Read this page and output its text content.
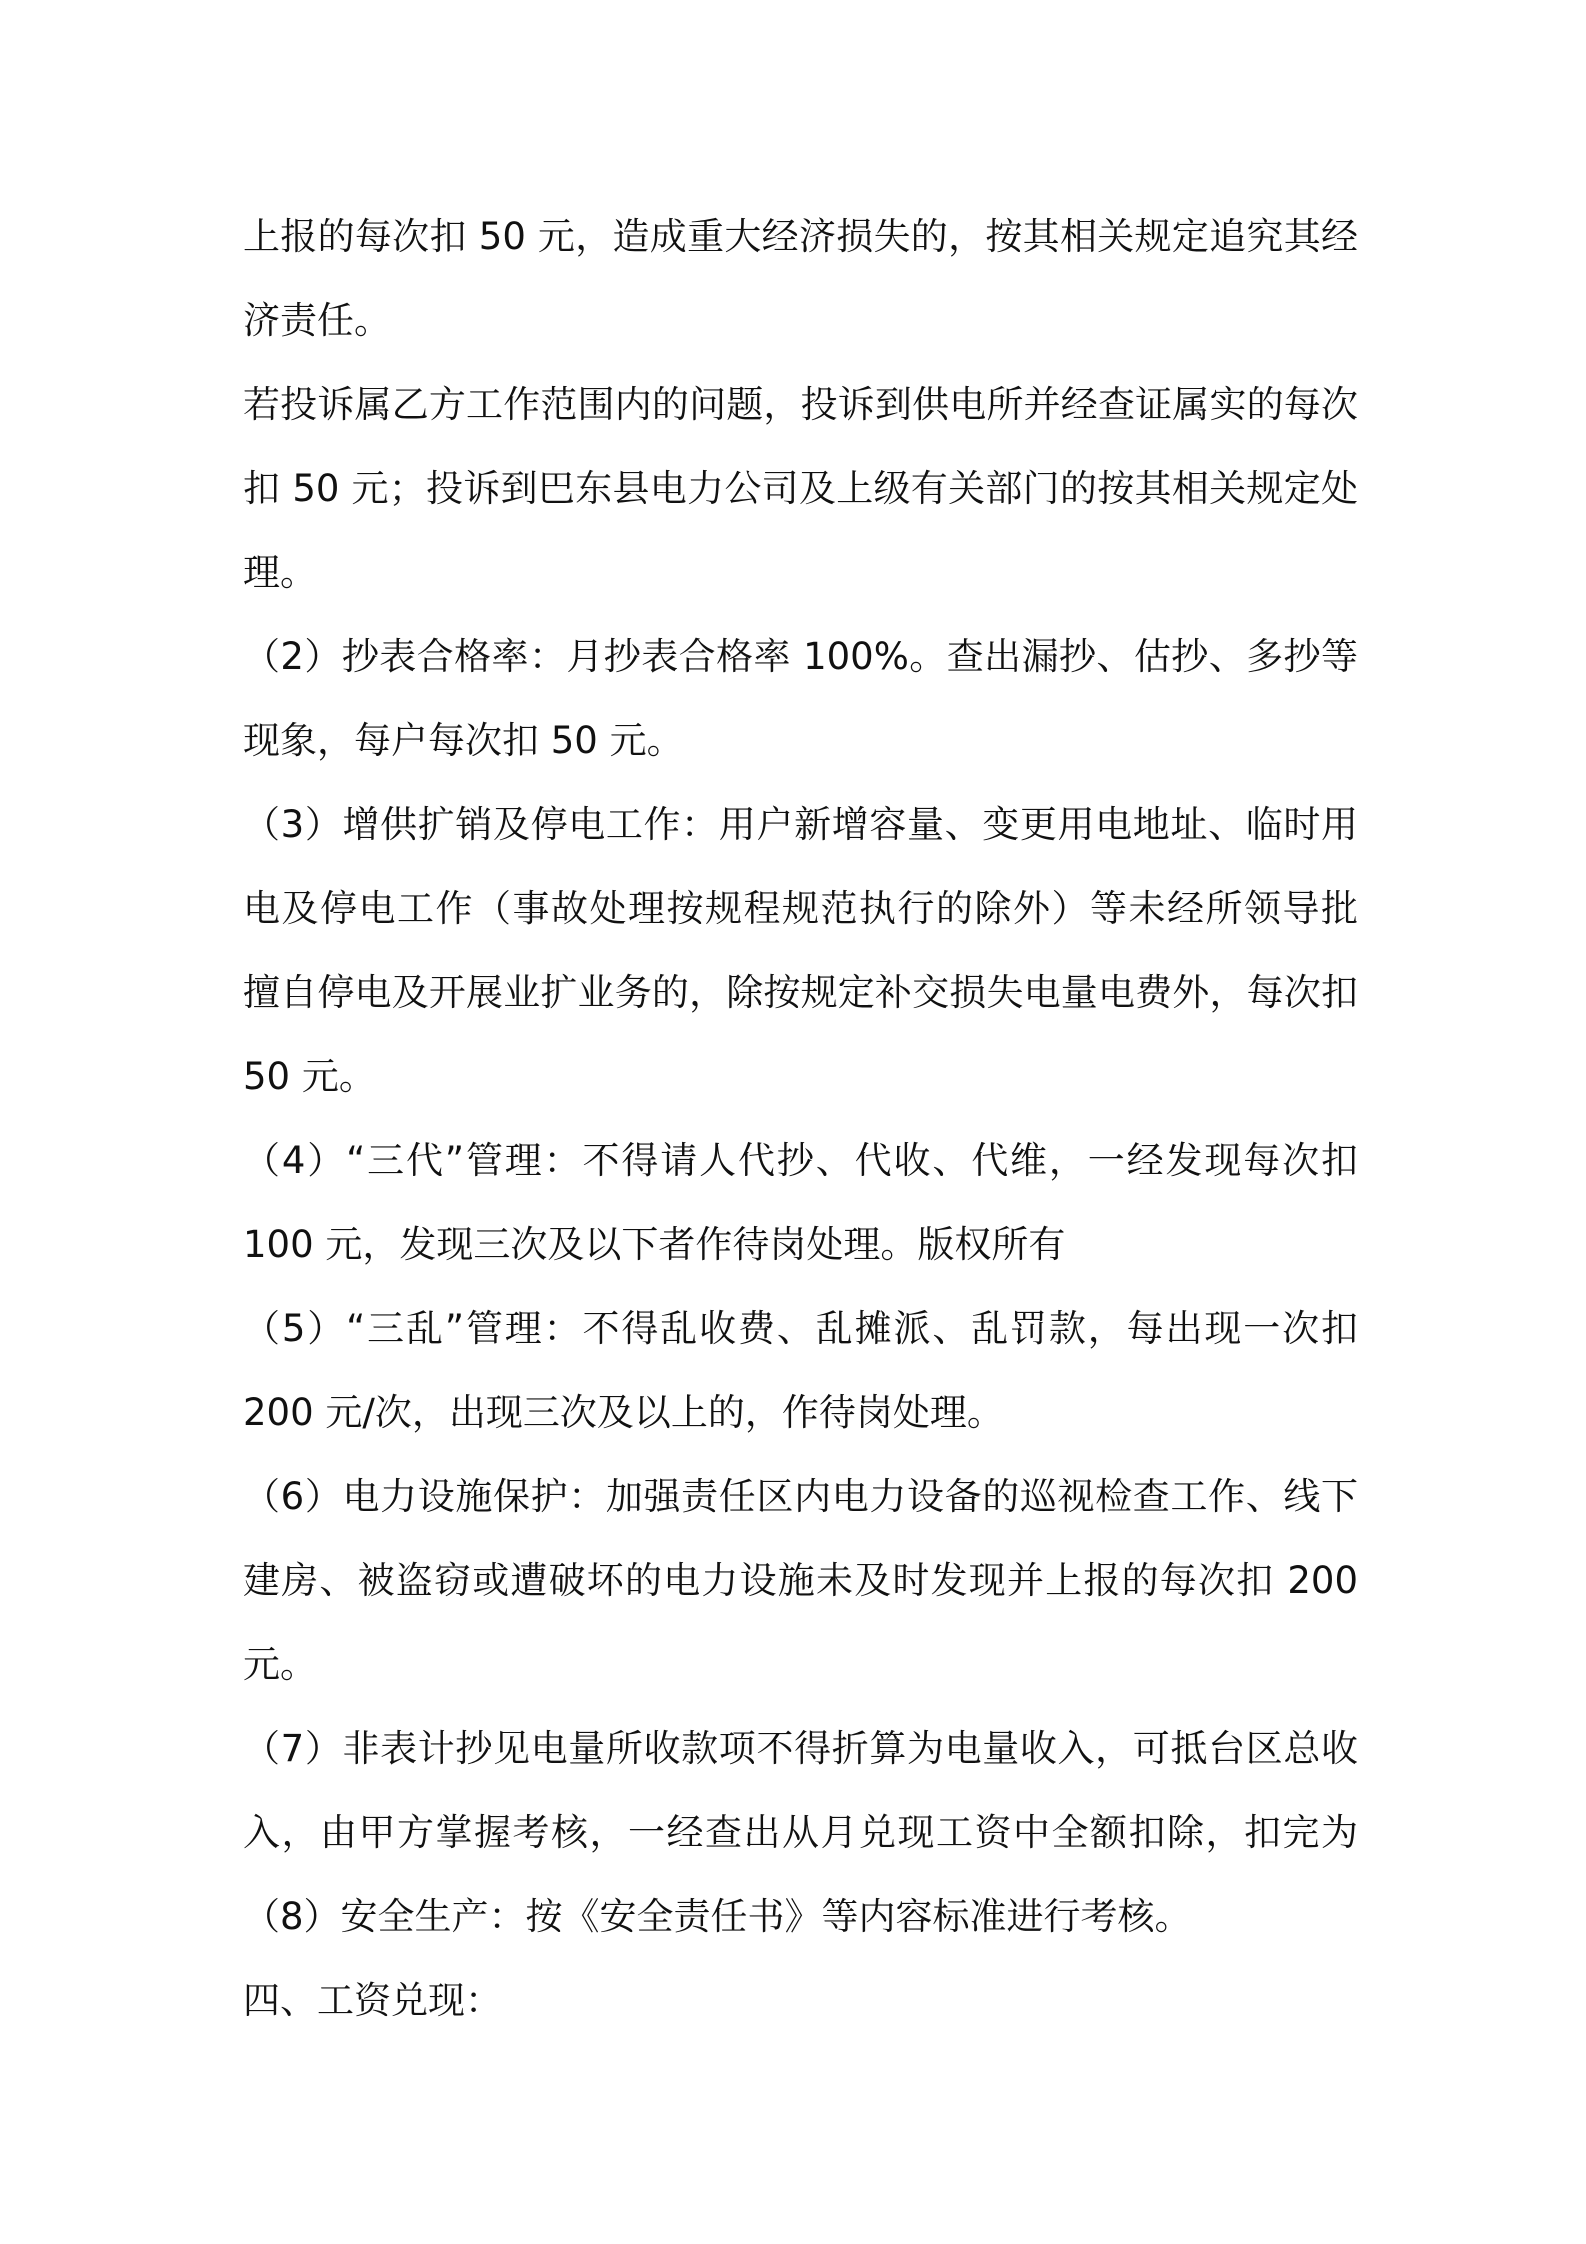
上报的每次扣 50 元，造成重大经济损失的，按其相关规定追究其经
济责任。
若投诉属乙方工作范围内的问题，投诉到供电所并经查证属实的每次
扣 50 元；投诉到巴东县电力公司及上级有关部门的按其相关规定处
理。
（2）抄表合格率：月抄表合格率 100%。查出漏抄、估抄、多抄等
现象，每户每次扣 50 元。
（3）增供扩销及停电工作：用户新增容量、变更用电地址、临时用
电及停电工作（事故处理按规程规范执行的除外）等未经所领导批
擅自停电及开展业扩业务的，除按规定补交损失电量电费外，每次扣
50 元。
（4）“三代”管理：不得请人代抄、代收、代维，一经发现每次扣
100 元，发现三次及以下者作待岗处理。版权所有
（5）“三乱”管理：不得乱收费、乱摊派、乱罚款，每出现一次扣
200 元/次，出现三次及以上的，作待岗处理。
（6）电力设施保护：加强责任区内电力设备的巡视检查工作、线下
建房、被盗窃或遭破坏的电力设施未及时发现并上报的每次扣 200
元。
（7）非表计抄见电量所收款项不得折算为电量收入，可抵台区总收
入，由甲方掌握考核，一经查出从月兑现工资中全额扣除，扣完为
（8）安全生产：按《安全责任书》等内容标准进行考核。
四、工资兑现：
